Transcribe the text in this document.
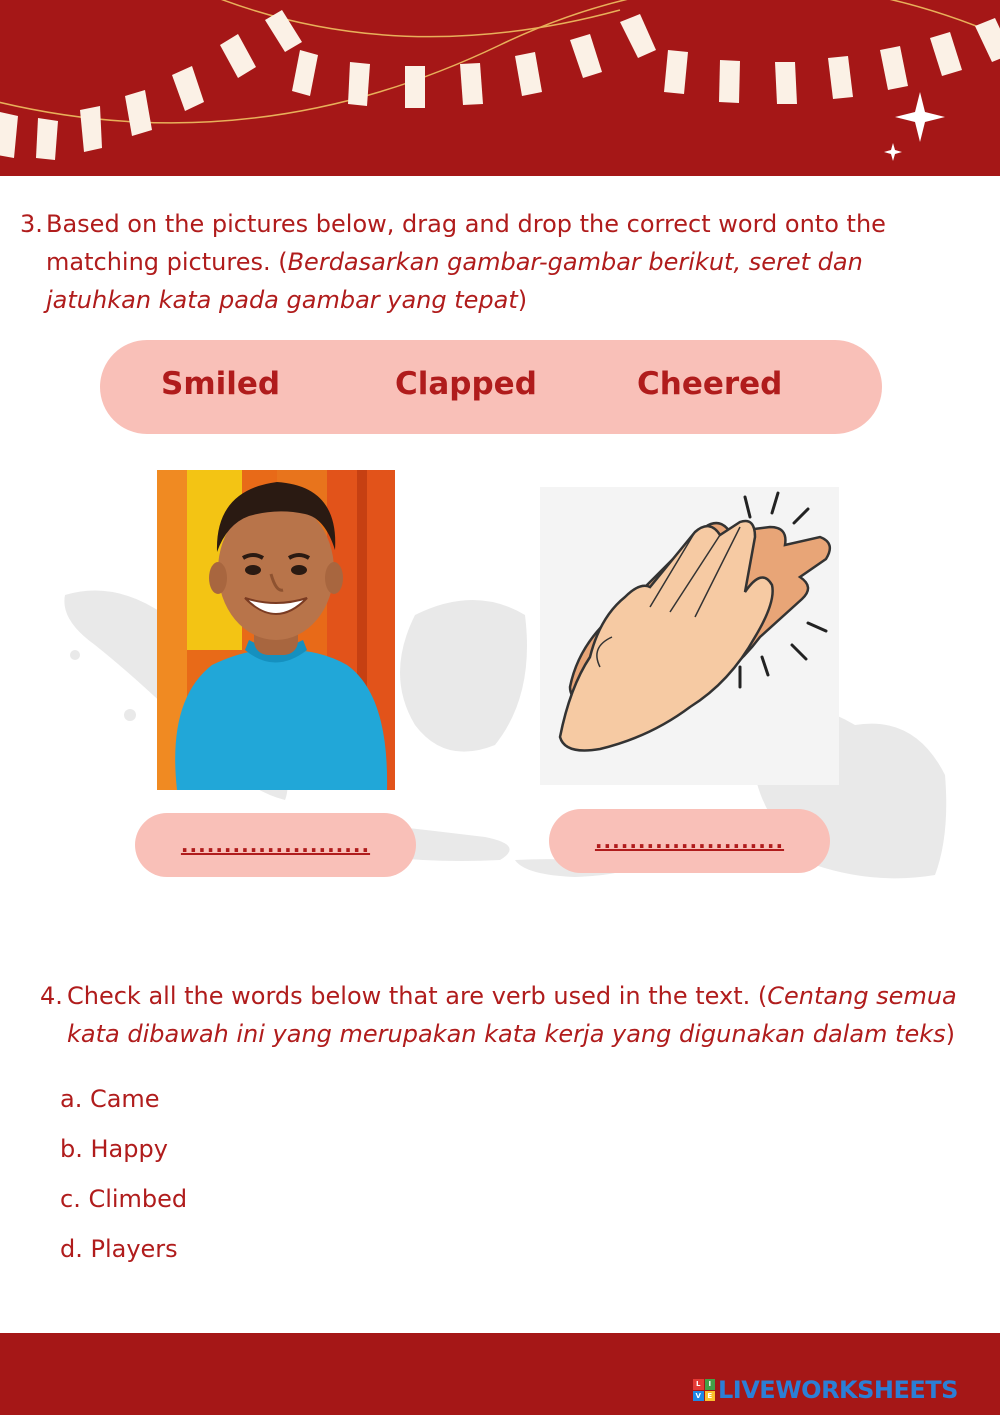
3. Based on the pictures below, drag and drop the correct word onto the matching pictures. (Berdasarkan gambar-gambar berikut, seret dan jatuhkan kata pada gambar yang tepat)
Smiled	Clapped	Cheered
......................	......................
4. Check all the words below that are verb used in the text. (Centang semua kata dibawah ini yang merupakan kata kerja yang digunakan dalam teks)
a. Came
b. Happy
c. Climbed
d. Players
L	I
V E LIVEWORKSHEETS
